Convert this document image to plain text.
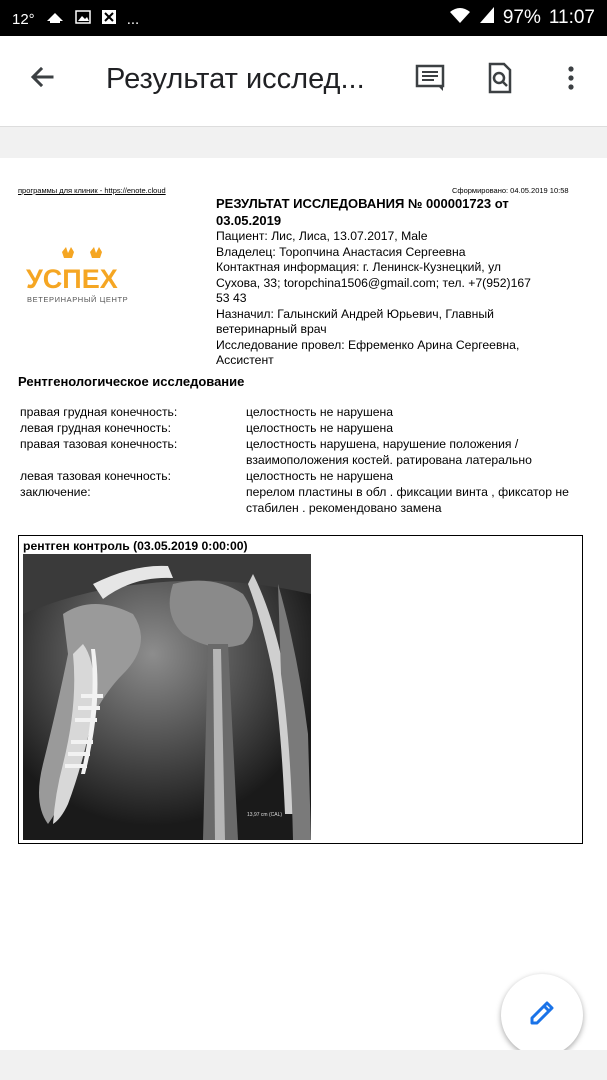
12°	...	97% 11:07
Результат исслед...
программы для клиник - https://enote.cloud	Сформировано: 04.05.2019 10:58
РЕЗУЛЬТАТ ИССЛЕДОВАНИЯ № 000001723 от
03.05.2019
Пациент: Лис, Лиса, 13.07.2017, Male
Владелец: Торопчина Анастасия Сергеевна
Контактная информация: г. Ленинск-Кузнецкий, ул
Сухова, 33; toropchina1506@gmail.com; тел. +7(952)167
53 43
Назначил: Галынский Андрей Юрьевич, Главный
ветеринарный врач
Исследование провел: Ефременко Арина Сергеевна,
Ассистент
УСПЕХ
ВЕТЕРИНАРНЫЙ ЦЕНТР
Рентгенологическое исследование
правая грудная конечность:	целостность не нарушена
левая грудная конечность:	целостность не нарушена
правая тазовая конечность:	целостность нарушена, нарушение положения / взаимоположения костей. ратирована латерально
левая тазовая конечность:	целостность не нарушена
заключение:	перелом пластины в обл . фиксации винта , фиксатор не стабилен . рекомендовано замена
рентген контроль (03.05.2019 0:00:00)
13,97 cm (CAL)
